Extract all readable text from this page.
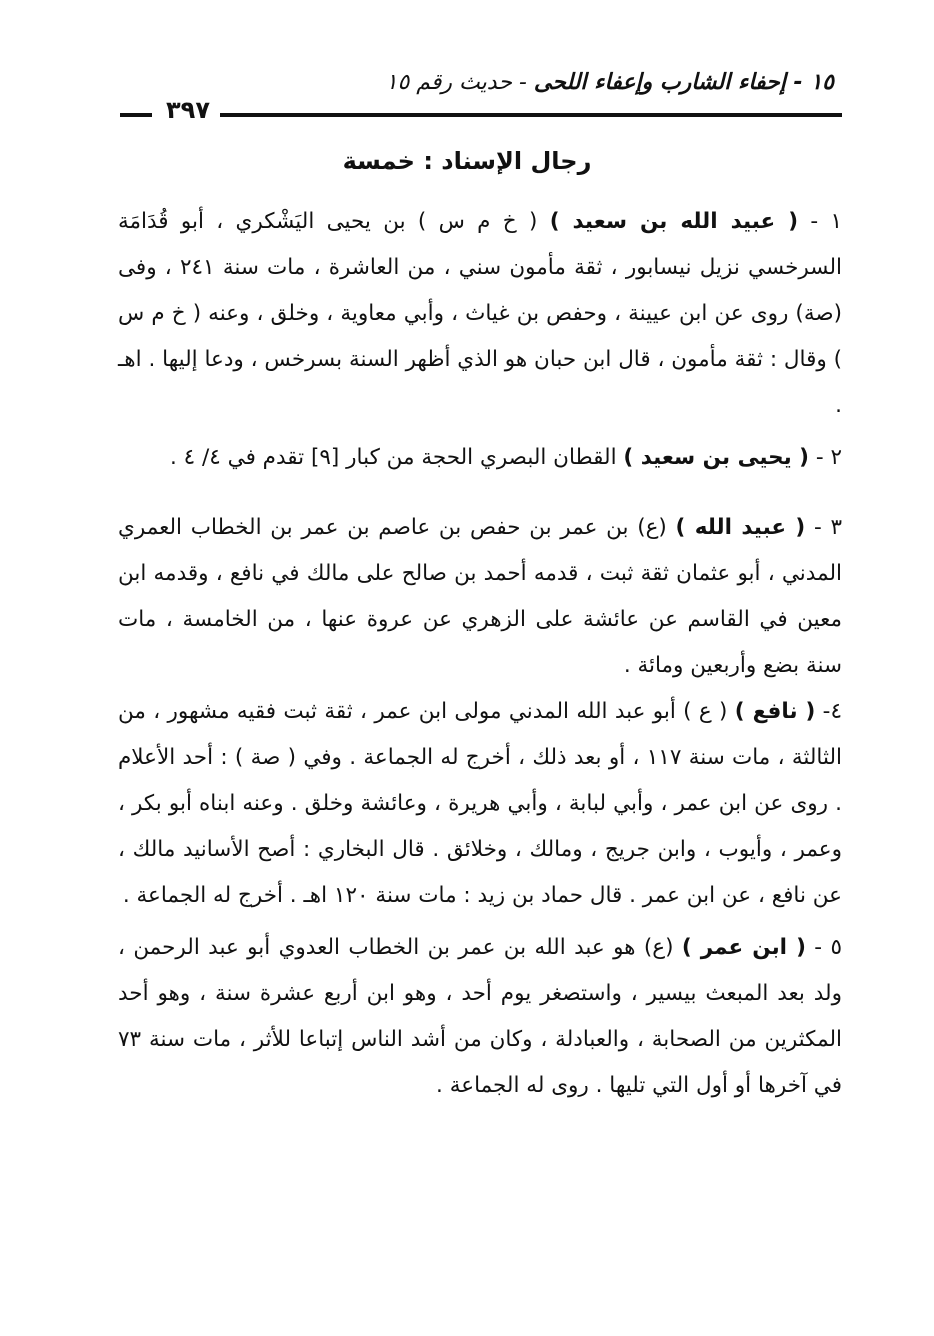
١٥ - إحفاء الشارب وإعفاء اللحى - حديث رقم ١٥
٣٩٧
رجال الإسناد : خمسة

١ - ( عبيد الله بن سعيد ) ( خ م س ) بن يحيى اليَشْكري ، أبو قُدَامَة السرخسي نزيل نيسابور ، ثقة مأمون سني ، من العاشرة ، مات سنة ٢٤١ ، وفى (صة) روى عن ابن عيينة ، وحفص بن غياث ، وأبي معاوية ، وخلق ، وعنه ( خ م س ) وقال : ثقة مأمون ، قال ابن حبان هو الذي أظهر السنة بسرخس ، ودعا إليها . اهـ .

٢ - ( يحيى بن سعيد ) القطان البصري الحجة من كبار [٩] تقدم في ٤/ ٤ .

٣ - ( عبيد الله ) (ع) بن عمر بن حفص بن عاصم بن عمر بن الخطاب العمري المدني ، أبو عثمان ثقة ثبت ، قدمه أحمد بن صالح على مالك في نافع ، وقدمه ابن معين في القاسم عن عائشة على الزهري عن عروة عنها ، من الخامسة ، مات سنة بضع وأربعين ومائة .

٤- ( نافع ) ( ع ) أبو عبد الله المدني مولى ابن عمر ، ثقة ثبت فقيه مشهور ، من الثالثة ، مات سنة ١١٧ ، أو بعد ذلك ، أخرج له الجماعة . وفي ( صة ) : أحد الأعلام . روى عن ابن عمر ، وأبي لبابة ، وأبي هريرة ، وعائشة وخلق . وعنه ابناه أبو بكر ، وعمر ، وأيوب ، وابن جريج ، ومالك ، وخلائق . قال البخاري : أصح الأسانيد مالك ، عن نافع ، عن ابن عمر . قال حماد بن زيد : مات سنة ١٢٠ اهـ . أخرج له الجماعة .

٥ - ( ابن عمر ) (ع) هو عبد الله بن عمر بن الخطاب العدوي أبو عبد الرحمن ، ولد بعد المبعث بيسير ، واستصغر يوم أحد ، وهو ابن أربع عشرة سنة ، وهو أحد المكثرين من الصحابة ، والعبادلة ، وكان من أشد الناس إتباعا للأثر ، مات سنة ٧٣ في آخرها أو أول التي تليها . روى له الجماعة .
